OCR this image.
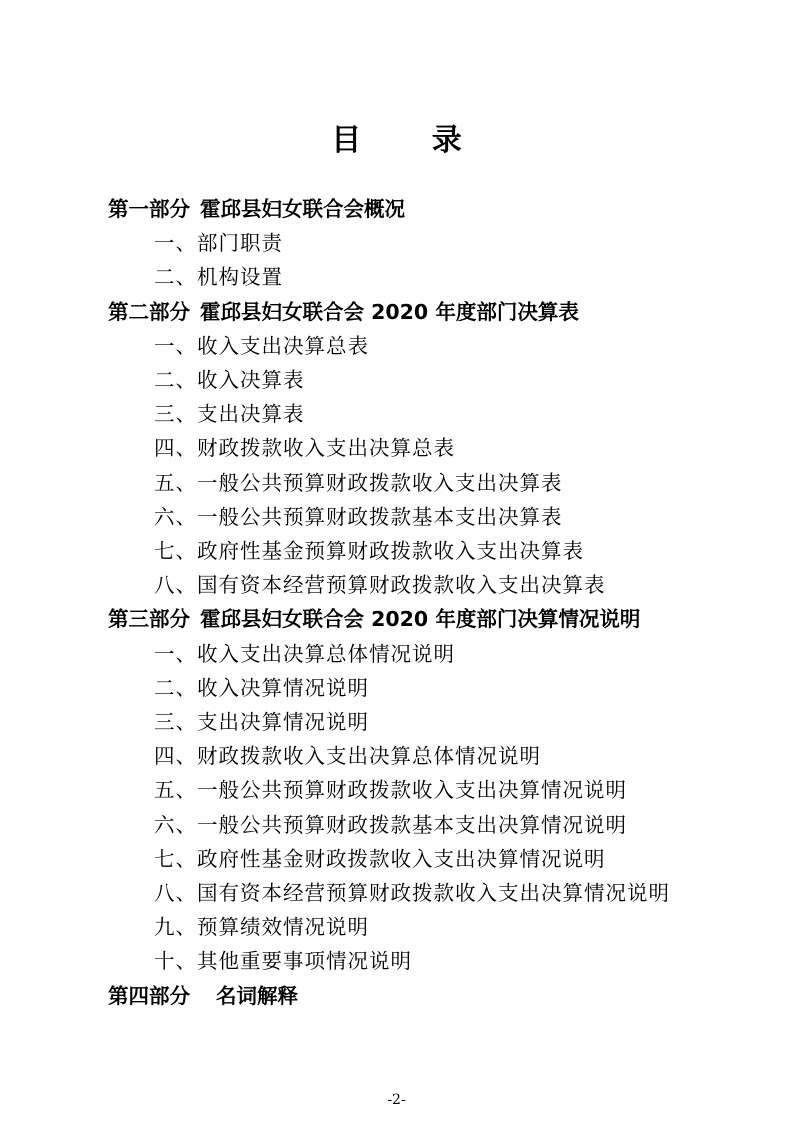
目 录
第一部分 霍邱县妇女联合会概况
一、部门职责
二、机构设置
第二部分 霍邱县妇女联合会 2020 年度部门决算表
一、收入支出决算总表
二、收入决算表
三、支出决算表
四、财政拨款收入支出决算总表
五、一般公共预算财政拨款收入支出决算表
六、一般公共预算财政拨款基本支出决算表
七、政府性基金预算财政拨款收入支出决算表
八、国有资本经营预算财政拨款收入支出决算表
第三部分 霍邱县妇女联合会 2020 年度部门决算情况说明
一、收入支出决算总体情况说明
二、收入决算情况说明
三、支出决算情况说明
四、财政拨款收入支出决算总体情况说明
五、一般公共预算财政拨款收入支出决算情况说明
六、一般公共预算财政拨款基本支出决算情况说明
七、政府性基金财政拨款收入支出决算情况说明
八、国有资本经营预算财政拨款收入支出决算情况说明
九、预算绩效情况说明
十、其他重要事项情况说明
第四部分 名词解释
-2-
